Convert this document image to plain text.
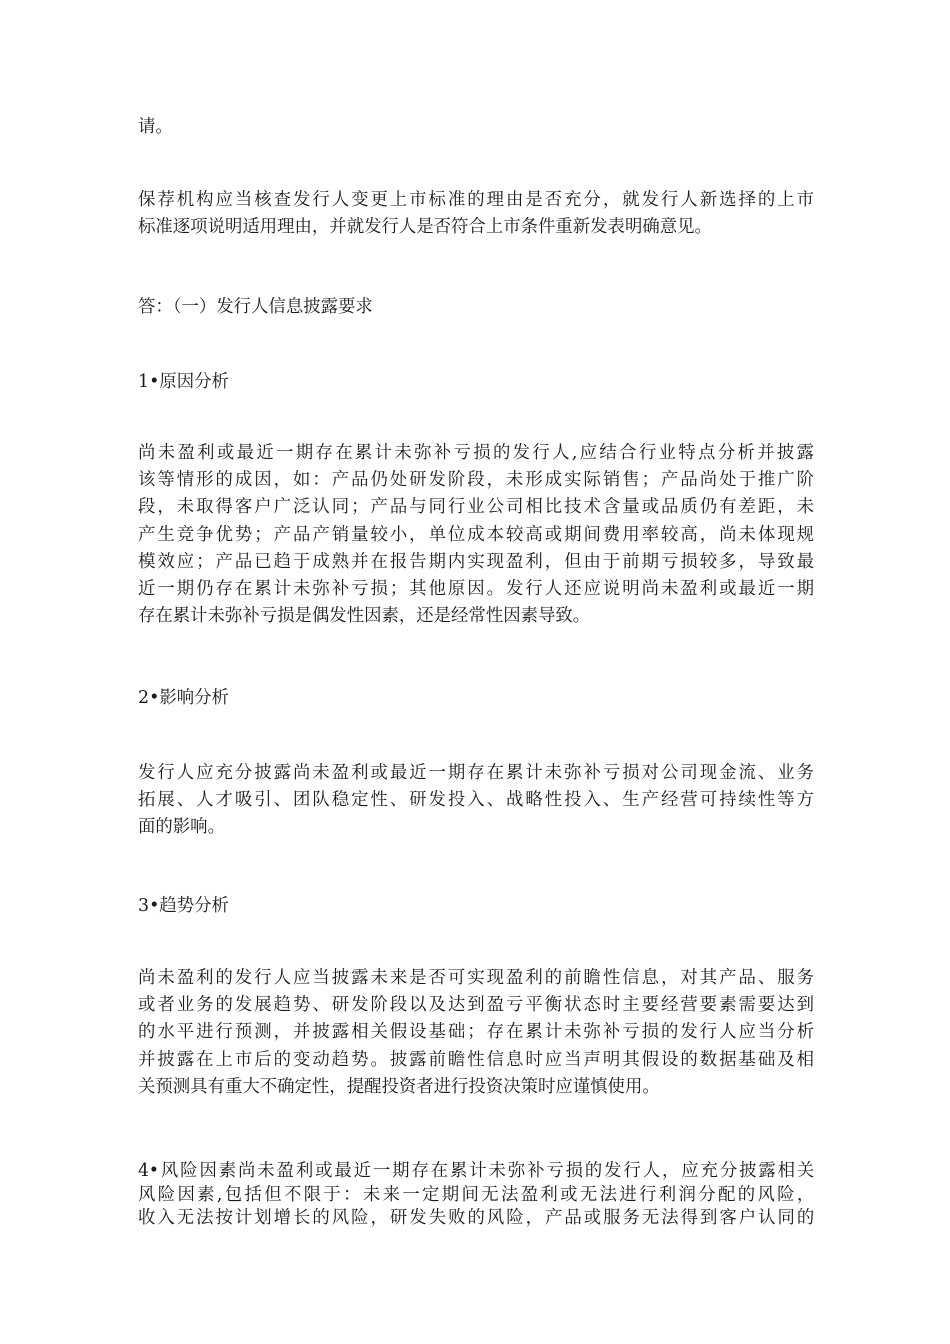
请。
保荐机构应当核查发行人变更上市标准的理由是否充分，就发行人新选择的上市
标准逐项说明适用理由，并就发行人是否符合上市条件重新发表明确意见。
答：（一）发行人信息披露要求
1•原因分析
尚未盈利或最近一期存在累计未弥补亏损的发行人,应结合行业特点分析并披露
该等情形的成因，如：产品仍处研发阶段，未形成实际销售；产品尚处于推广阶
段，未取得客户广泛认同；产品与同行业公司相比技术含量或品质仍有差距，未
产生竞争优势；产品产销量较小，单位成本较高或期间费用率较高，尚未体现规
模效应；产品已趋于成熟并在报告期内实现盈利，但由于前期亏损较多，导致最
近一期仍存在累计未弥补亏损；其他原因。发行人还应说明尚未盈利或最近一期
存在累计未弥补亏损是偶发性因素，还是经常性因素导致。
2•影响分析
发行人应充分披露尚未盈利或最近一期存在累计未弥补亏损对公司现金流、业务
拓展、人才吸引、团队稳定性、研发投入、战略性投入、生产经营可持续性等方
面的影响。
3•趋势分析
尚未盈利的发行人应当披露未来是否可实现盈利的前瞻性信息，对其产品、服务
或者业务的发展趋势、研发阶段以及达到盈亏平衡状态时主要经营要素需要达到
的水平进行预测，并披露相关假设基础；存在累计未弥补亏损的发行人应当分析
并披露在上市后的变动趋势。披露前瞻性信息时应当声明其假设的数据基础及相
关预测具有重大不确定性，提醒投资者进行投资决策时应谨慎使用。
4•风险因素尚未盈利或最近一期存在累计未弥补亏损的发行人，应充分披露相关
风险因素,包括但不限于：未来一定期间无法盈利或无法进行利润分配的风险，
收入无法按计划增长的风险，研发失败的风险，产品或服务无法得到客户认同的
